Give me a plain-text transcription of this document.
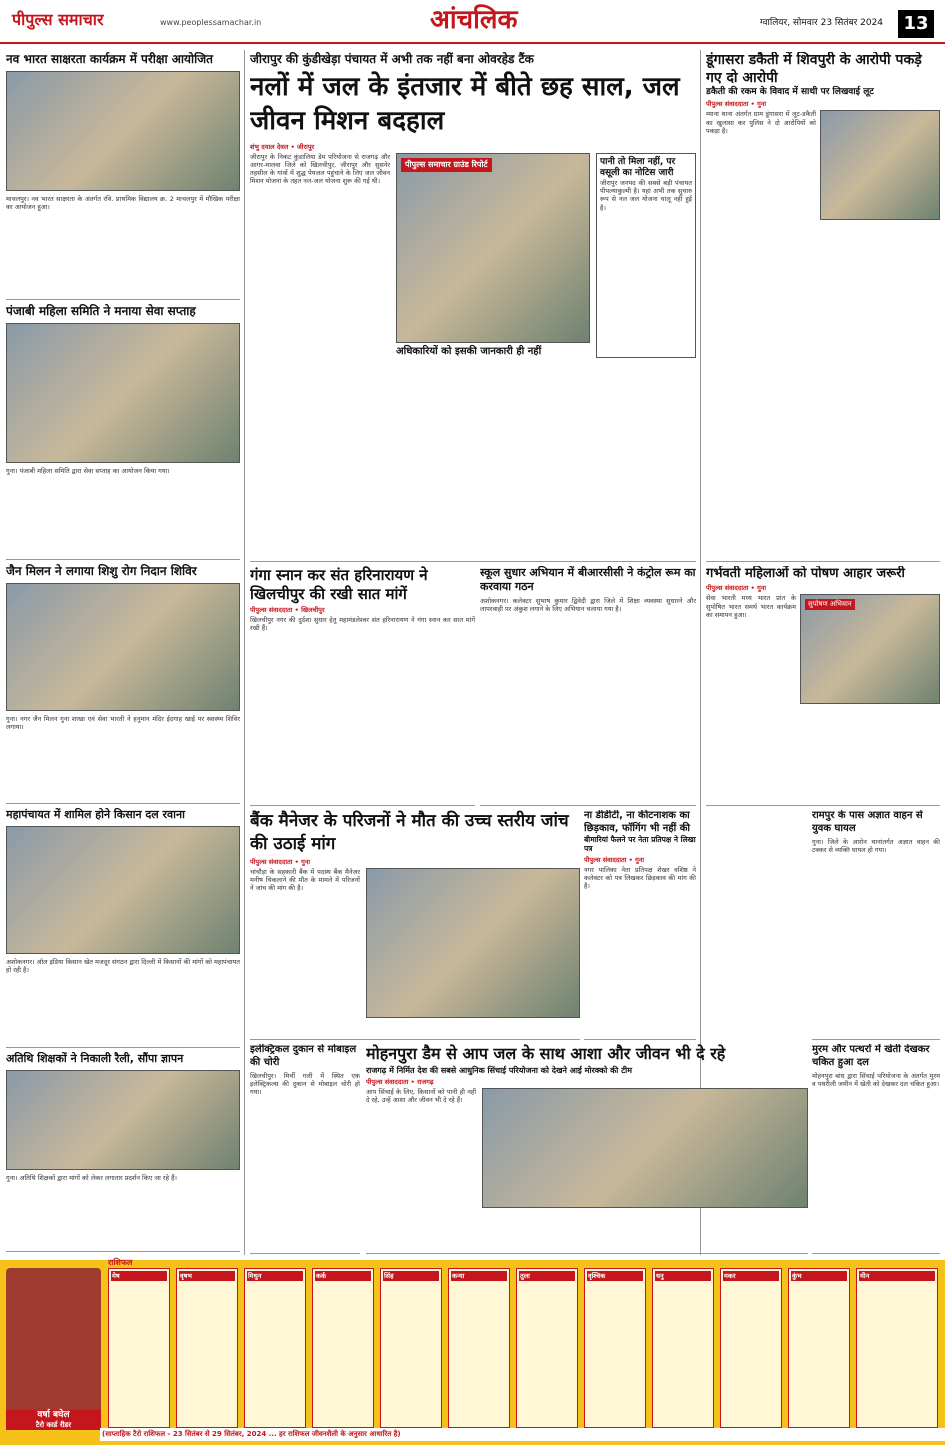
पीपुल्स समाचार	www.peoplessamachar.in	आंचलिक	ग्वालियर, सोमवार 23 सितंबर 2024	13
नव भारत साक्षरता कार्यक्रम में परीक्षा आयोजित
माचलपुर। नव भारत साक्षरता के अंतर्गत रवि. प्राथमिक विद्यालय क्र. 2 माचलपुर में मौखिक परीक्षा का आयोजन हुआ।
पंजाबी महिला समिति ने मनाया सेवा सप्ताह
गुना। पंजाबी महिला समिति द्वारा सेवा सप्ताह का आयोजन किया गया।
जैन मिलन ने लगाया शिशु रोग निदान शिविर
गुना। नगर जैन मिलन गुना शाखा एवं सेवा भारती ने हनुमान मंदिर ईदगाह खाई पर स्वास्थ्य शिविर लगाया।
महापंचायत में शामिल होने किसान दल रवाना
अशोकनगर। ऑल इंडिया किसान खेत मजदूर संगठन द्वारा दिल्ली में किसानों की मांगों को महापंचायत हो रही है।
अतिथि शिक्षकों ने निकाली रैली, सौंपा ज्ञापन
गुना। अतिथि शिक्षकों द्वारा मांगों को लेकर लगातार प्रदर्शन किए जा रहे हैं।
जीरापुर की कुंडीखेड़ा पंचायत में अभी तक नहीं बना ओवरहेड टैंक
नलों में जल के इंतजार में बीते छह साल, जल जीवन मिशन बदहाल
शंभु दयाल देवल • जीरापुर
जीरापुर के निकट कुंडालिया डेम परियोजना से राजगढ़ और आगर-मालवा जिले को खिलचीपुर, जीरापुर और सुसनेर तहसील के गांवों में शुद्ध पेयजल पहुंचाने के लिए जल जीवन मिशन योजना के तहत नल-जल योजना शुरू की गई थी।
पीपुल्स समाचार ग्राउंड रिपोर्ट
अधिकारियों को इसकी जानकारी ही नहीं
पानी तो मिला नहीं, पर वसूली का नोटिस जारी
जीरापुर जनपद की सबसे बड़ी पंचायत पीपल्याकुल्मी है। यहां अभी तक सुचारु रूप से नल जल योजना चालू नहीं हुई है।
गंगा स्नान कर संत हरिनारायण ने खिलचीपुर की रखी सात मांगें
पीपुल्स संवाददाता • खिलचीपुर
खिलचीपुर नगर की दुर्दशा सुधार हेतु महामंडलेश्वर संत हरिनारायण ने गंगा स्नान कर सात मांगें रखी हैं।
स्कूल सुधार अभियान में बीआरसीसी ने कंट्रोल रूम का करवाया गठन
अशोकनगर। कलेक्टर सुभाष कुमार द्विवेदी द्वारा जिले में शिक्षा व्यवस्था सुधारने और लापरवाही पर अंकुश लगाने के लिए अभियान चलाया गया है।
बैंक मैनेजर के परिजनों ने मौत की उच्च स्तरीय जांच की उठाई मांग
पीपुल्स संवाददाता • गुना
चांचौड़ा के सहकारी बैंक में पदस्थ बैंक मैनेजर मनीष चिकलाने की मौत के मामले में परिजनों ने जांच की मांग की है।
ना डीडीटी, ना कीटनाशक का छिड़काव, फॉगिंग भी नहीं की
बीमारियां फैलने पर नेता प्रतिपक्ष ने लिखा पत्र
पीपुल्स संवाददाता • गुना
नगर पालिका नेता प्रतिपक्ष शेखर वशिष्ठ ने कलेक्टर को पत्र लिखकर छिड़काव की मांग की है।
इलेक्ट्रिकल दुकान से मोबाइल की चोरी
खिलचीपुर। मिर्ची गली में स्थित एक इलेक्ट्रिकल्स की दुकान से मोबाइल चोरी हो गया।
मोहनपुरा डैम से आप जल के साथ आशा और जीवन भी दे रहे
राजगढ़ में निर्मित देश की सबसे आधुनिक सिंचाई परियोजना को देखने आई मोरक्को की टीम
पीपुल्स संवाददाता • राजगढ़
आप सिंचाई के लिए, किसानों को पानी ही नहीं दे रहे, उन्हें आशा और जीवन भी दे रहे हैं।
डूंगासरा डकैती में शिवपुरी के आरोपी पकड़े गए दो आरोपी
डकैती की रकम के विवाद में साथी पर लिखवाई लूट
पीपुल्स संवाददाता • गुना
म्याना थाना अंतर्गत ग्राम डूंगासरा में लूट-डकैती का खुलासा कर पुलिस ने दो आरोपियों को पकड़ा है।
गर्भवती महिलाओं को पोषण आहार जरूरी
पीपुल्स संवाददाता • गुना
सेवा भारती मध्य भारत प्रांत के सुपोषित भारत समर्थ भारत कार्यक्रम का समापन हुआ।
सुपोषण अभियान
रामपुर के पास अज्ञात वाहन से युवक घायल
गुना। जिले के आरोन थानांतर्गत अज्ञात वाहन की टक्कर से व्यक्ति घायल हो गया।
मुरम और पत्थरों में खेती देखकर चकित हुआ दल
मोहनपुरा बांध द्वारा सिंचाई परियोजना के अंतर्गत मुरम व पथरीली जमीन में खेती को देखकर दल चकित हुआ।
राशिफल
मेष	वृषभ	मिथुन	कर्क	सिंह	कन्या	तुला	वृश्चिक	धनु	मकर	कुंभ	मीन
वर्षा बघेल
टैरो कार्ड रीडर
(साप्ताहिक टैरो राशिफल - 23 सितंबर से 29 सितंबर, 2024 ... हर राशिफल जीवनशैली के अनुसार आधारित है)
